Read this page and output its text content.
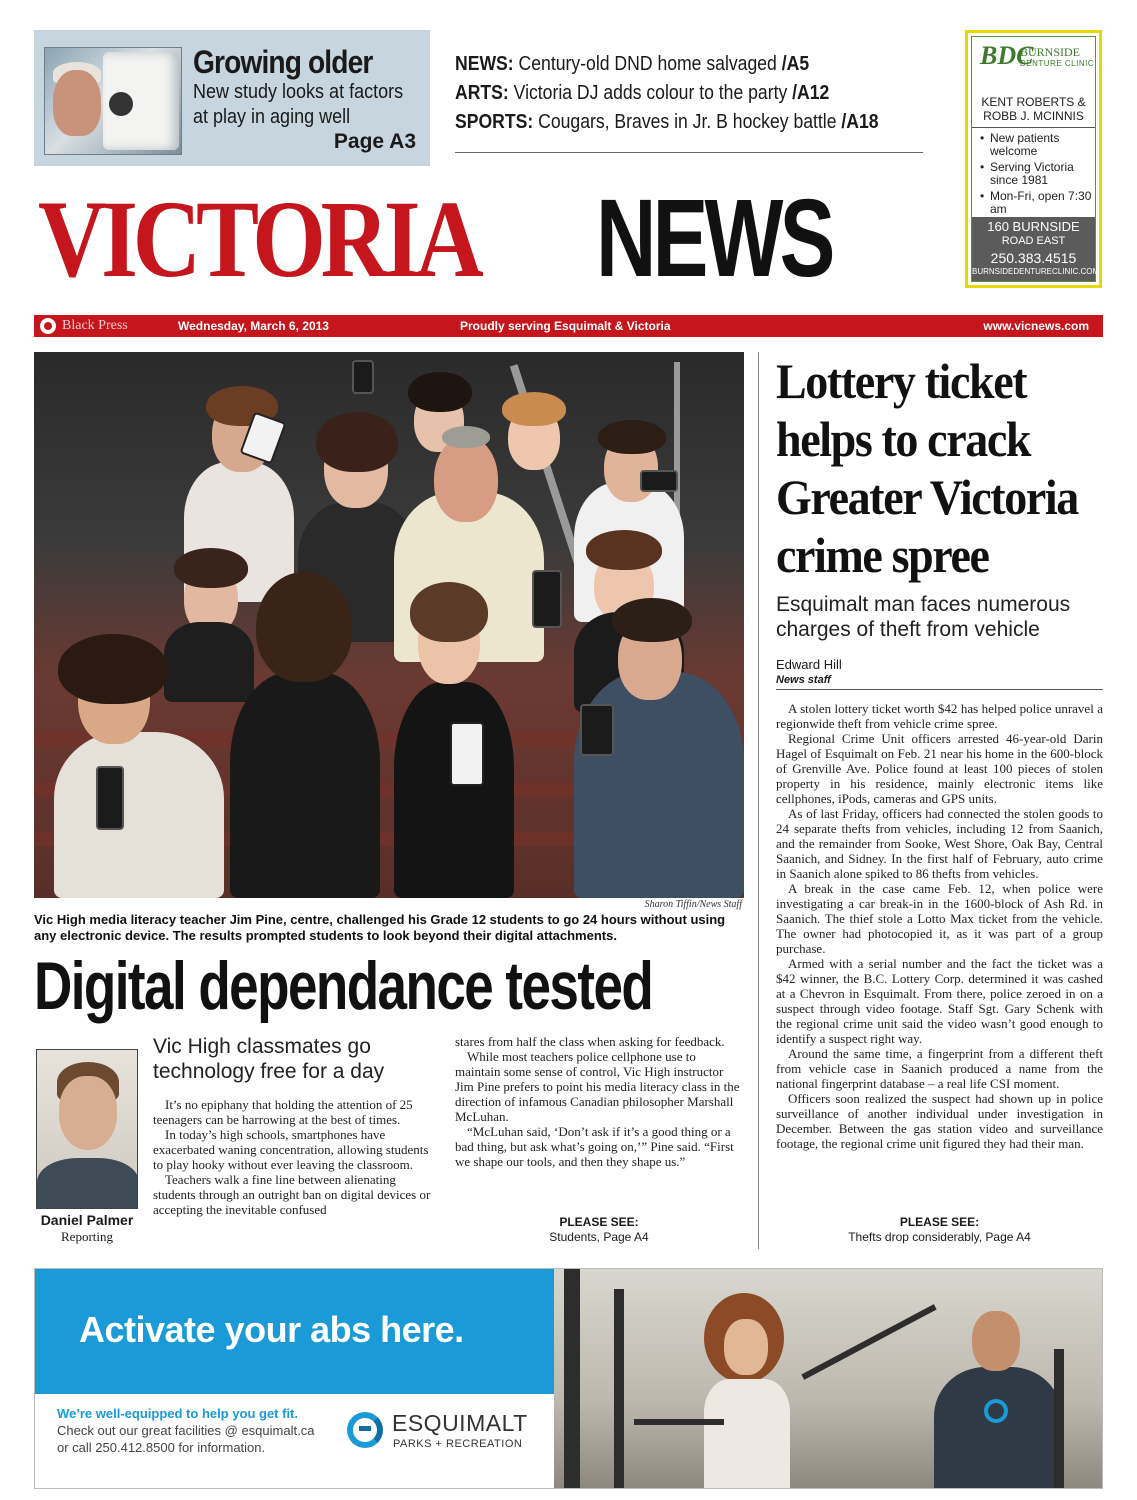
Growing older
New study looks at factors
at play in aging well
Page A3
NEWS: Century-old DND home salvaged /A5
ARTS: Victoria DJ adds colour to the party /A12
SPORTS: Cougars, Braves in Jr. B hockey battle /A18
VICTORIA NEWS
BDC
BURNSIDE
DENTURE CLINIC
KENT ROBERTS &
ROBB J. MCINNIS
• New patients welcome
• Serving Victoria since 1981
• Mon-Fri, open 7:30 am
160 BURNSIDE
ROAD EAST
250.383.4515
BURNSIDEDENTURECLINIC.COM
Black Press	Wednesday, March 6, 2013	Proudly serving Esquimalt & Victoria	www.vicnews.com
Sharon Tiffin/News Staff
Vic High media literacy teacher Jim Pine, centre, challenged his Grade 12 students to go 24 hours without using any electronic device. The results prompted students to look beyond their digital attachments.
Digital dependance tested
Daniel Palmer
Reporting
Vic High classmates go technology free for a day

It’s no epiphany that holding the attention of 25 teenagers can be harrowing at the best of times.

In today’s high schools, smartphones have exacerbated waning concentration, allowing students to play hooky without ever leaving the classroom.

Teachers walk a fine line between alienating students through an outright ban on digital devices or accepting the inevitable confused

stares from half the class when asking for feedback.

While most teachers police cellphone use to maintain some sense of control, Vic High instructor Jim Pine prefers to point his media literacy class in the direction of infamous Canadian philosopher Marshall McLuhan.

“McLuhan said, ‘Don’t ask if it’s a good thing or a bad thing, but ask what’s going on,’” Pine said. “First we shape our tools, and then they shape us.”

PLEASE SEE:
Students, Page A4
Lottery ticket helps to crack Greater Victoria crime spree
Esquimalt man faces numerous charges of theft from vehicle
Edward Hill
News staff

A stolen lottery ticket worth $42 has helped police unravel a regionwide theft from vehicle crime spree.

Regional Crime Unit officers arrested 46-year-old Darin Hagel of Esquimalt on Feb. 21 near his home in the 600-block of Grenville Ave. Police found at least 100 pieces of stolen property in his residence, mainly electronic items like cellphones, iPods, cameras and GPS units.

As of last Friday, officers had connected the stolen goods to 24 separate thefts from vehicles, including 12 from Saanich, and the remainder from Sooke, West Shore, Oak Bay, Central Saanich, and Sidney. In the first half of February, auto crime in Saanich alone spiked to 86 thefts from vehicles.

A break in the case came Feb. 12, when police were investigating a car break-in in the 1600-block of Ash Rd. in Saanich. The thief stole a Lotto Max ticket from the vehicle. The owner had photocopied it, as it was part of a group purchase.

Armed with a serial number and the fact the ticket was a $42 winner, the B.C. Lottery Corp. determined it was cashed at a Chevron in Esquimalt. From there, police zeroed in on a suspect through video footage. Staff Sgt. Gary Schenk with the regional crime unit said the video wasn’t good enough to identify a suspect right way.

Around the same time, a fingerprint from a different theft from vehicle case in Saanich produced a name from the national fingerprint database – a real life CSI moment.

Officers soon realized the suspect had shown up in police surveillance of another individual under investigation in December. Between the gas station video and surveillance footage, the regional crime unit figured they had their man.

PLEASE SEE:
Thefts drop considerably, Page A4
Activate your abs here.
We’re well-equipped to help you get fit.
Check out our great facilities @ esquimalt.ca
or call 250.412.8500 for information.
ESQUIMALT
PARKS + RECREATION
